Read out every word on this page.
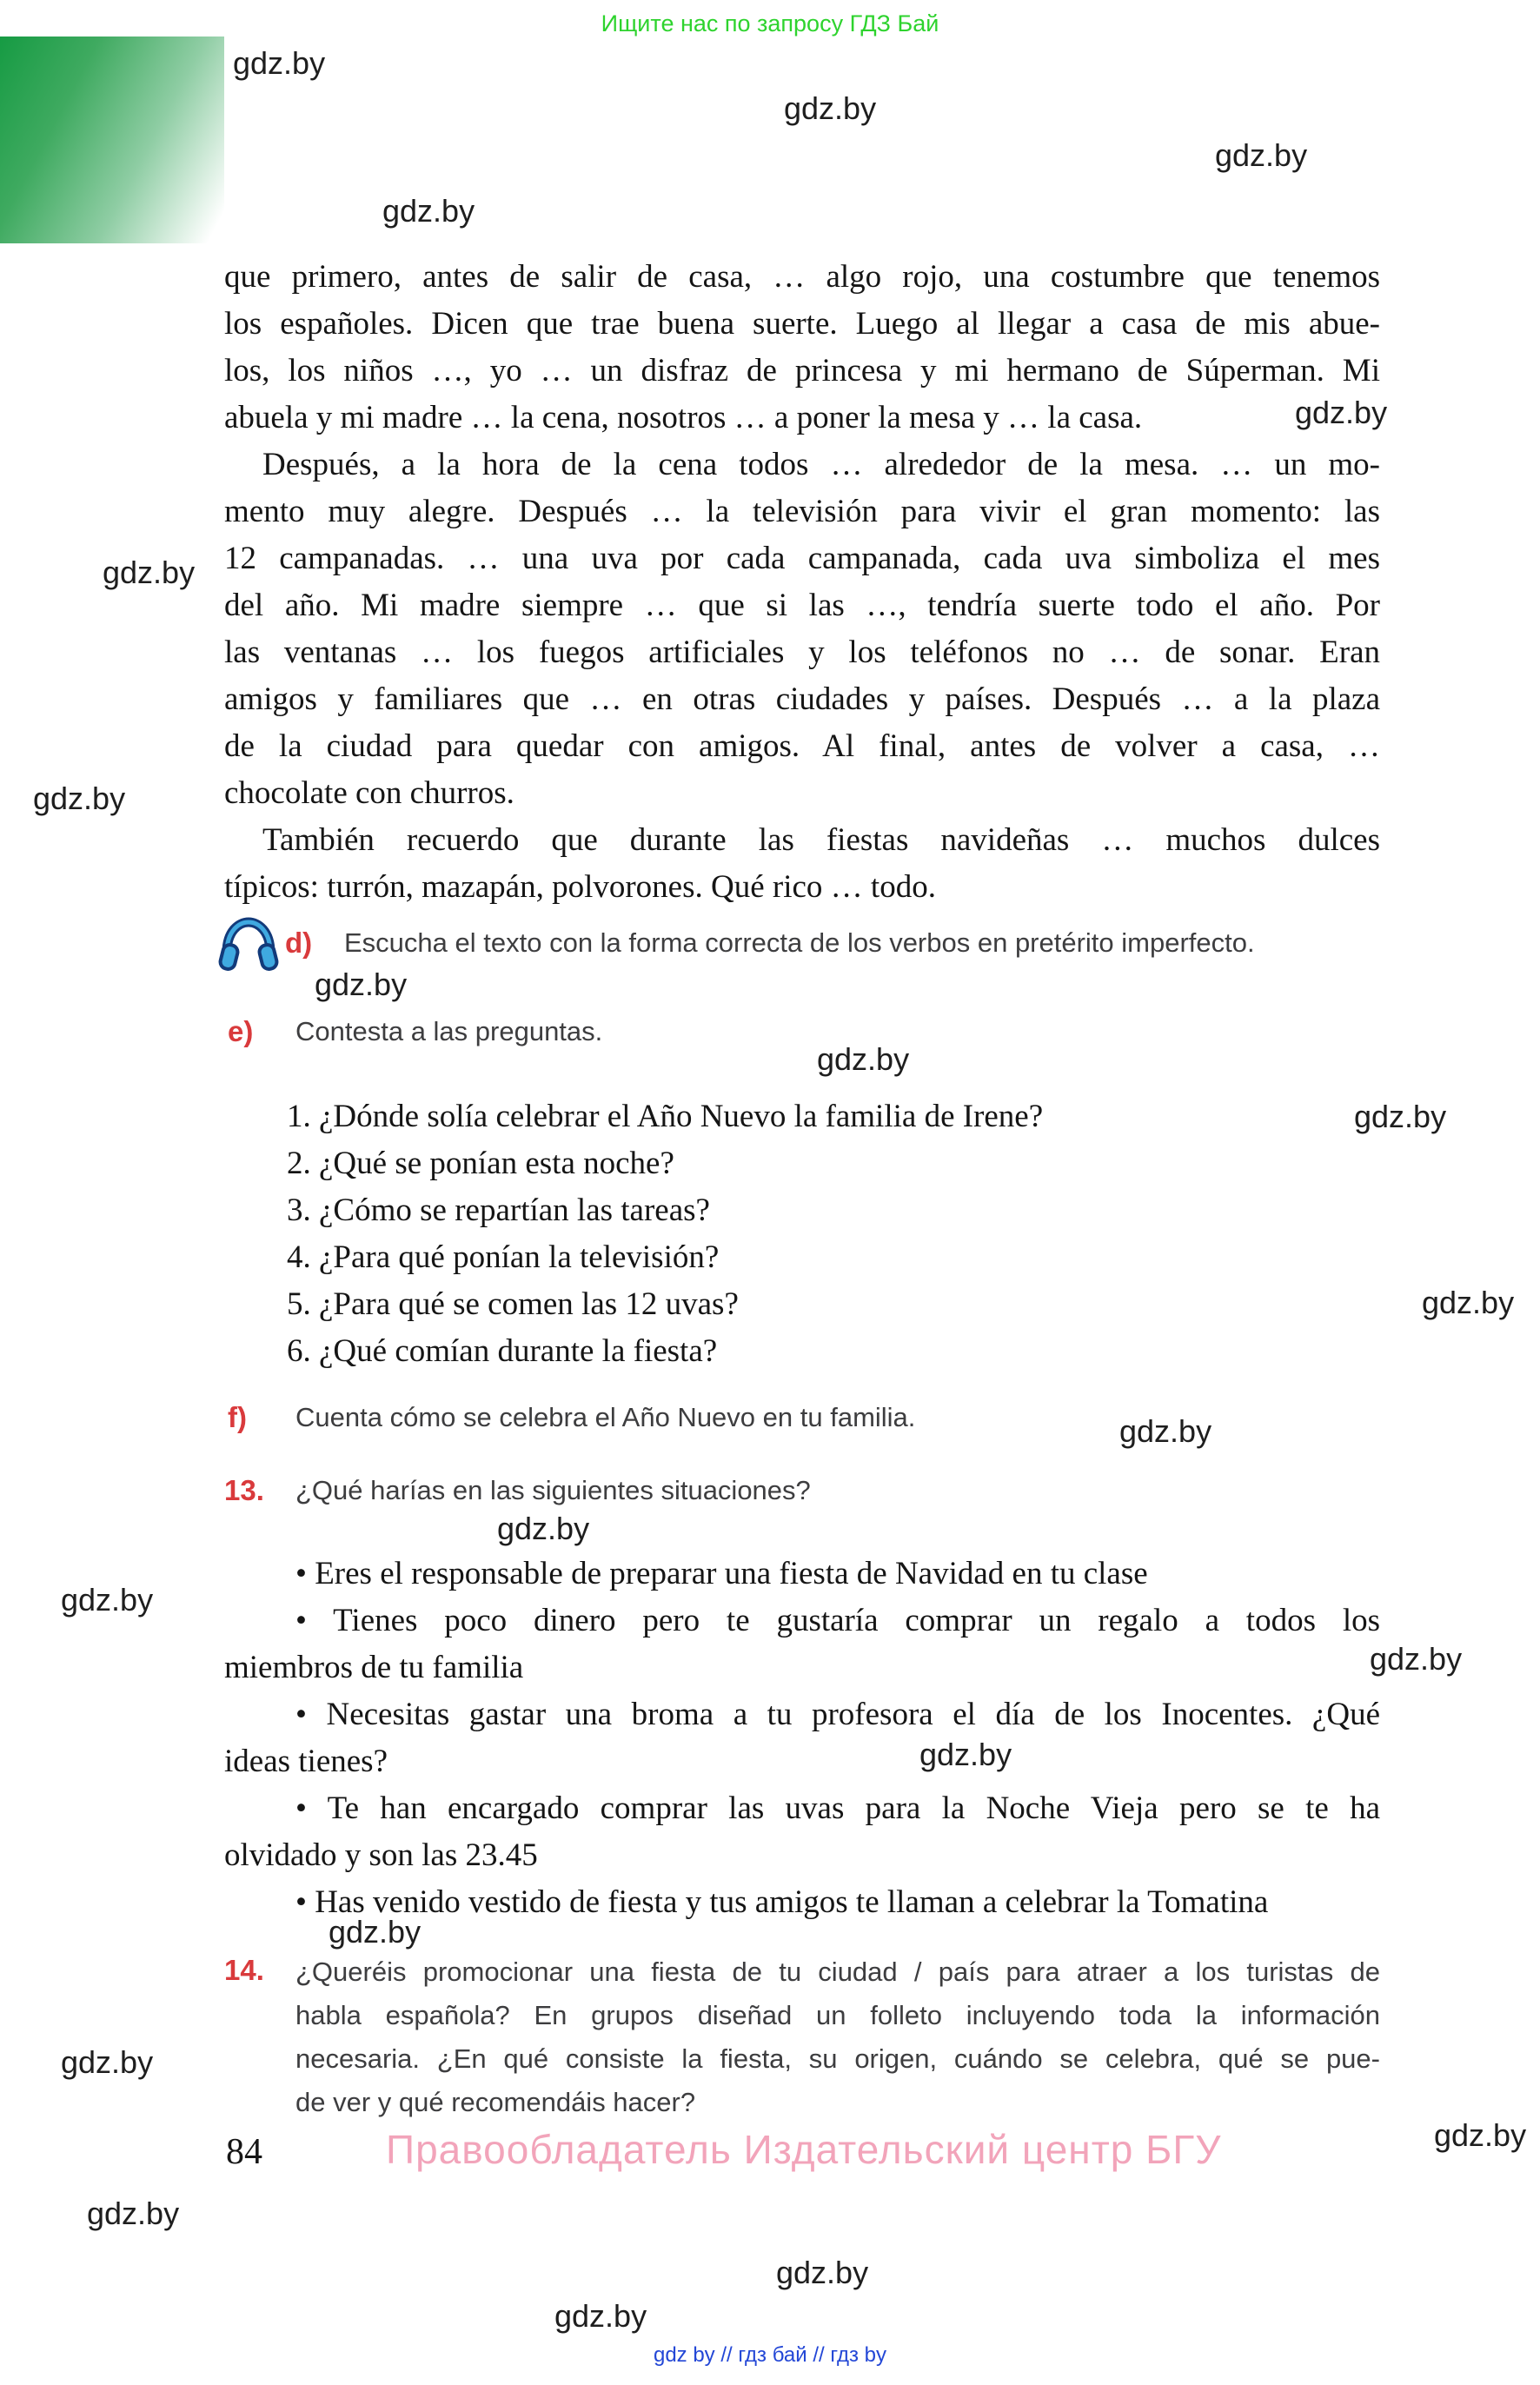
Ищите нас по запросу ГДЗ Бай
gdz.by
gdz.by
gdz.by
gdz.by
gdz.by
gdz.by
gdz.by
gdz.by
gdz.by
gdz.by
gdz.by
gdz.by
gdz.by
gdz.by
gdz.by
gdz.by
gdz.by
gdz.by
gdz.by
gdz.by
gdz.by
gdz.by
que primero, antes de salir de casa, … algo rojo, una costumbre que tenemos
los españoles. Dicen que trae buena suerte. Luego al llegar a casa de mis abue-
los, los niños …, yo … un disfraz de princesa y mi hermano de Súperman. Mi
abuela y mi madre … la cena, nosotros … a poner la mesa y … la casa.
Después, a la hora de la cena todos … alrededor de la mesa. … un mo-
mento muy alegre. Después … la televisión para vivir el gran momento: las
12 campanadas. … una uva por cada campanada, cada uva simboliza el mes
del año. Mi madre siempre … que si las …, tendría suerte todo el año. Por
las ventanas … los fuegos artificiales y los teléfonos no … de sonar. Eran
amigos y familiares que … en otras ciudades y países. Después … a la plaza
de la ciudad para quedar con amigos. Al final, antes de volver a casa, …
chocolate con churros.
También recuerdo que durante las fiestas navideñas … muchos dulces
típicos: turrón, mazapán, polvorones. Qué rico … todo.
d) Escucha el texto con la forma correcta de los verbos en pretérito imperfecto.
e) Contesta a las preguntas.
1. ¿Dónde solía celebrar el Año Nuevo la familia de Irene?
2. ¿Qué se ponían esta noche?
3. ¿Cómo se repartían las tareas?
4. ¿Para qué ponían la televisión?
5. ¿Para qué se comen las 12 uvas?
6. ¿Qué comían durante la fiesta?
f) Cuenta cómo se celebra el Año Nuevo en tu familia.
13. ¿Qué harías en las siguientes situaciones?
• Eres el responsable de preparar una fiesta de Navidad en tu clase
• Tienes poco dinero pero te gustaría comprar un regalo a todos los
miembros de tu familia
• Necesitas gastar una broma a tu profesora el día de los Inocentes. ¿Qué
ideas tienes?
• Te han encargado comprar las uvas para la Noche Vieja pero se te ha
olvidado y son las 23.45
• Has venido vestido de fiesta y tus amigos te llaman a celebrar la Tomatina
14. ¿Queréis promocionar una fiesta de tu ciudad / país para atraer a los turistas de
habla española? En grupos diseñad un folleto incluyendo toda la información
necesaria. ¿En qué consiste la fiesta, su origen, cuándo se celebra, qué se pue-
de ver y qué recomendáis hacer?
84	Правообладатель Издательский центр БГУ
gdz by // гдз бай // гдз by
